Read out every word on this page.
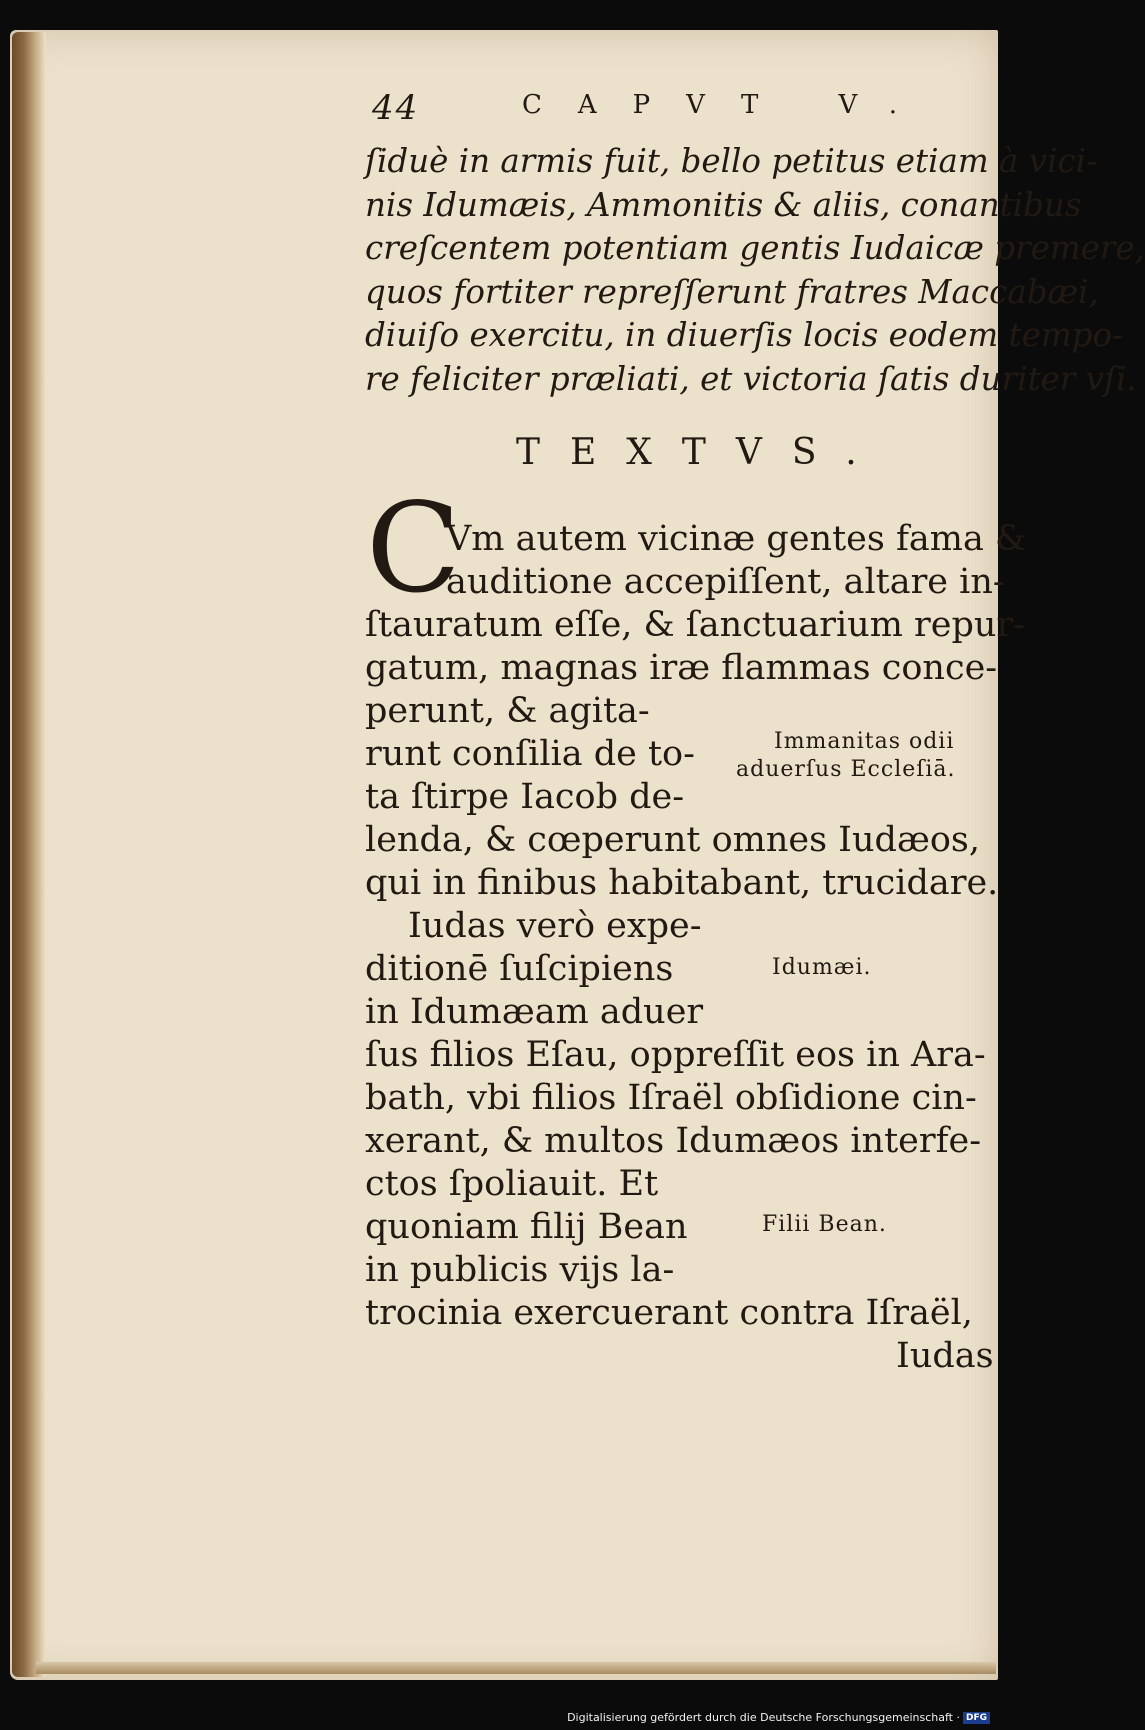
44	CAPVT V.
ſiduè in armis fuit, bello petitus etiam à vici-
nis Idumæis, Ammonitis & aliis, conantibus
creſcentem potentiam gentis Iudaicæ premere,
quos fortiter repreſſerunt fratres Maccabæi,
diuiſo exercitu, in diuerſis locis eodem tempo-
re feliciter præliati, et victoria ſatis duriter vſi.
TEXTVS.
C
Vm autem vicinæ gentes fama &
auditione accepiſſent, altare in-
ſtauratum eſſe, & ſanctuarium repur-
gatum, magnas iræ flammas conce-
perunt, & agita-
runt conſilia de to-
ta ſtirpe Iacob de-
lenda, & cœperunt omnes Iudæos,
qui in finibus habitabant, trucidare.
Iudas verò expe-
ditionē ſuſcipiens
in Idumæam aduer
ſus filios Eſau, oppreſſit eos in Ara-
bath, vbi filios Iſraël obſidione cin-
xerant, & multos Idumæos interfe-
ctos ſpoliauit. Et
quoniam filij Bean
in publicis vijs la-
trocinia exercuerant contra Iſraël,
Iudas
Immanitas odii
aduerſus Eccleſiā.
Idumæi.
Filii Bean.
Digitalisierung gefördert durch die Deutsche Forschungsgemeinschaft · DFG
